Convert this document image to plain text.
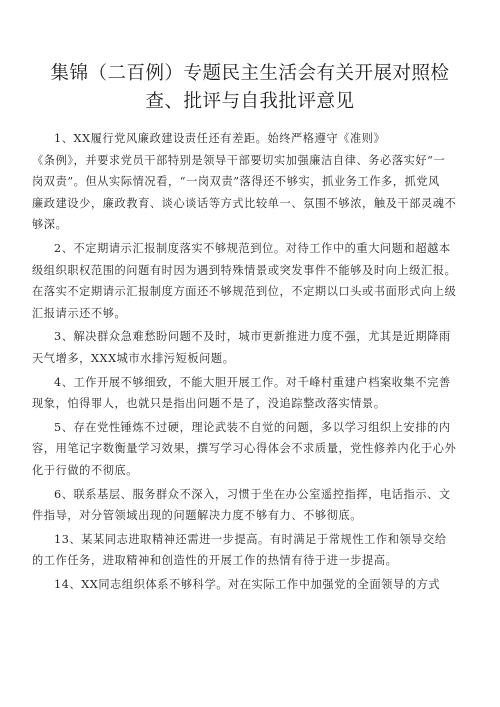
集锦（二百例）专题民主生活会有关开展对照检
查、批评与自我批评意见

1、XX履行党风廉政建设责任还有差距。始终严格遵守《准则》
《条例》，并要求党员干部特别是领导干部要切实加强廉洁自律、务必落实好“一
岗双责”。但从实际情况看，“一岗双责”落得还不够实，抓业务工作多，抓党风
廉政建设少，廉政教育、谈心谈话等方式比较单一、氛围不够浓，触及干部灵魂不
够深。

2、不定期请示汇报制度落实不够规范到位。对待工作中的重大问题和超越本
级组织职权范围的问题有时因为遇到特殊情景或突发事件不能够及时向上级汇报。
在落实不定期请示汇报制度方面还不够规范到位，不定期以口头或书面形式向上级
汇报请示还不够。

3、解决群众急难愁盼问题不及时，城市更新推进力度不强，尤其是近期降雨
天气增多，XXX城市水排污短板问题。

4、工作开展不够细致，不能大胆开展工作。对千峰村重建户档案收集不完善
现象，怕得罪人，也就只是指出问题不是了，没追踪整改落实情景。

5、存在党性锤炼不过硬，理论武装不自觉的问题，多以学习组织上安排的内
容，用笔记字数衡量学习效果，撰写学习心得体会不求质量，党性修养内化于心外
化于行做的不彻底。

6、联系基层、服务群众不深入，习惯于坐在办公室遥控指挥，电话指示、文
件指导，对分管领域出现的问题解决力度不够有力、不够彻底。

13、某某同志进取精神还需进一步提高。有时满足于常规性工作和领导交给
的工作任务，进取精神和创造性的开展工作的热情有待于进一步提高。

14、XX同志组织体系不够科学。对在实际工作中加强党的全面领导的方式
